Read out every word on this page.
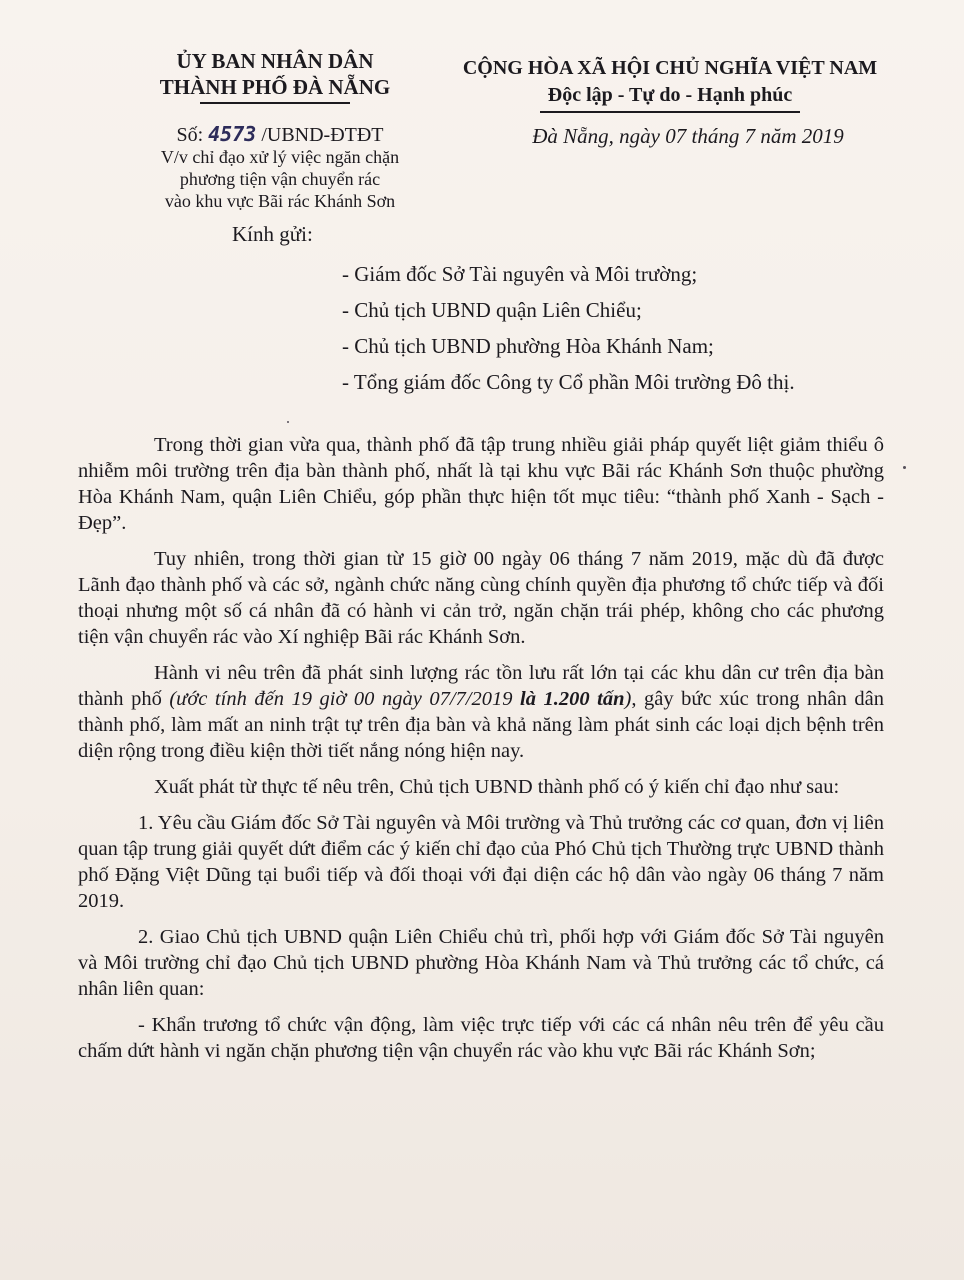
ỦY BAN NHÂN DÂN
THÀNH PHỐ ĐÀ NẴNG
CỘNG HÒA XÃ HỘI CHỦ NGHĨA VIỆT NAM
Độc lập - Tự do - Hạnh phúc
Số: 4573 /UBND-ĐTĐT
V/v chỉ đạo xử lý việc ngăn chặn
phương tiện vận chuyển rác
vào khu vực Bãi rác Khánh Sơn
Đà Nẵng, ngày 07 tháng 7 năm 2019
Kính gửi:
- Giám đốc Sở Tài nguyên và Môi trường;
- Chủ tịch UBND quận Liên Chiểu;
- Chủ tịch UBND phường Hòa Khánh Nam;
- Tổng giám đốc Công ty Cổ phần Môi trường Đô thị.

Trong thời gian vừa qua, thành phố đã tập trung nhiều giải pháp quyết liệt giảm thiểu ô nhiễm môi trường trên địa bàn thành phố, nhất là tại khu vực Bãi rác Khánh Sơn thuộc phường Hòa Khánh Nam, quận Liên Chiểu, góp phần thực hiện tốt mục tiêu: “thành phố Xanh - Sạch - Đẹp”.

Tuy nhiên, trong thời gian từ 15 giờ 00 ngày 06 tháng 7 năm 2019, mặc dù đã được Lãnh đạo thành phố và các sở, ngành chức năng cùng chính quyền địa phương tổ chức tiếp và đối thoại nhưng một số cá nhân đã có hành vi cản trở, ngăn chặn trái phép, không cho các phương tiện vận chuyển rác vào Xí nghiệp Bãi rác Khánh Sơn.

Hành vi nêu trên đã phát sinh lượng rác tồn lưu rất lớn tại các khu dân cư trên địa bàn thành phố (ước tính đến 19 giờ 00 ngày 07/7/2019 là 1.200 tấn), gây bức xúc trong nhân dân thành phố, làm mất an ninh trật tự trên địa bàn và khả năng làm phát sinh các loại dịch bệnh trên diện rộng trong điều kiện thời tiết nắng nóng hiện nay.

Xuất phát từ thực tế nêu trên, Chủ tịch UBND thành phố có ý kiến chỉ đạo như sau:

1. Yêu cầu Giám đốc Sở Tài nguyên và Môi trường và Thủ trưởng các cơ quan, đơn vị liên quan tập trung giải quyết dứt điểm các ý kiến chỉ đạo của Phó Chủ tịch Thường trực UBND thành phố Đặng Việt Dũng tại buổi tiếp và đối thoại với đại diện các hộ dân vào ngày 06 tháng 7 năm 2019.

2. Giao Chủ tịch UBND quận Liên Chiểu chủ trì, phối hợp với Giám đốc Sở Tài nguyên và Môi trường chỉ đạo Chủ tịch UBND phường Hòa Khánh Nam và Thủ trưởng các tổ chức, cá nhân liên quan:

- Khẩn trương tổ chức vận động, làm việc trực tiếp với các cá nhân nêu trên để yêu cầu chấm dứt hành vi ngăn chặn phương tiện vận chuyển rác vào khu vực Bãi rác Khánh Sơn;
